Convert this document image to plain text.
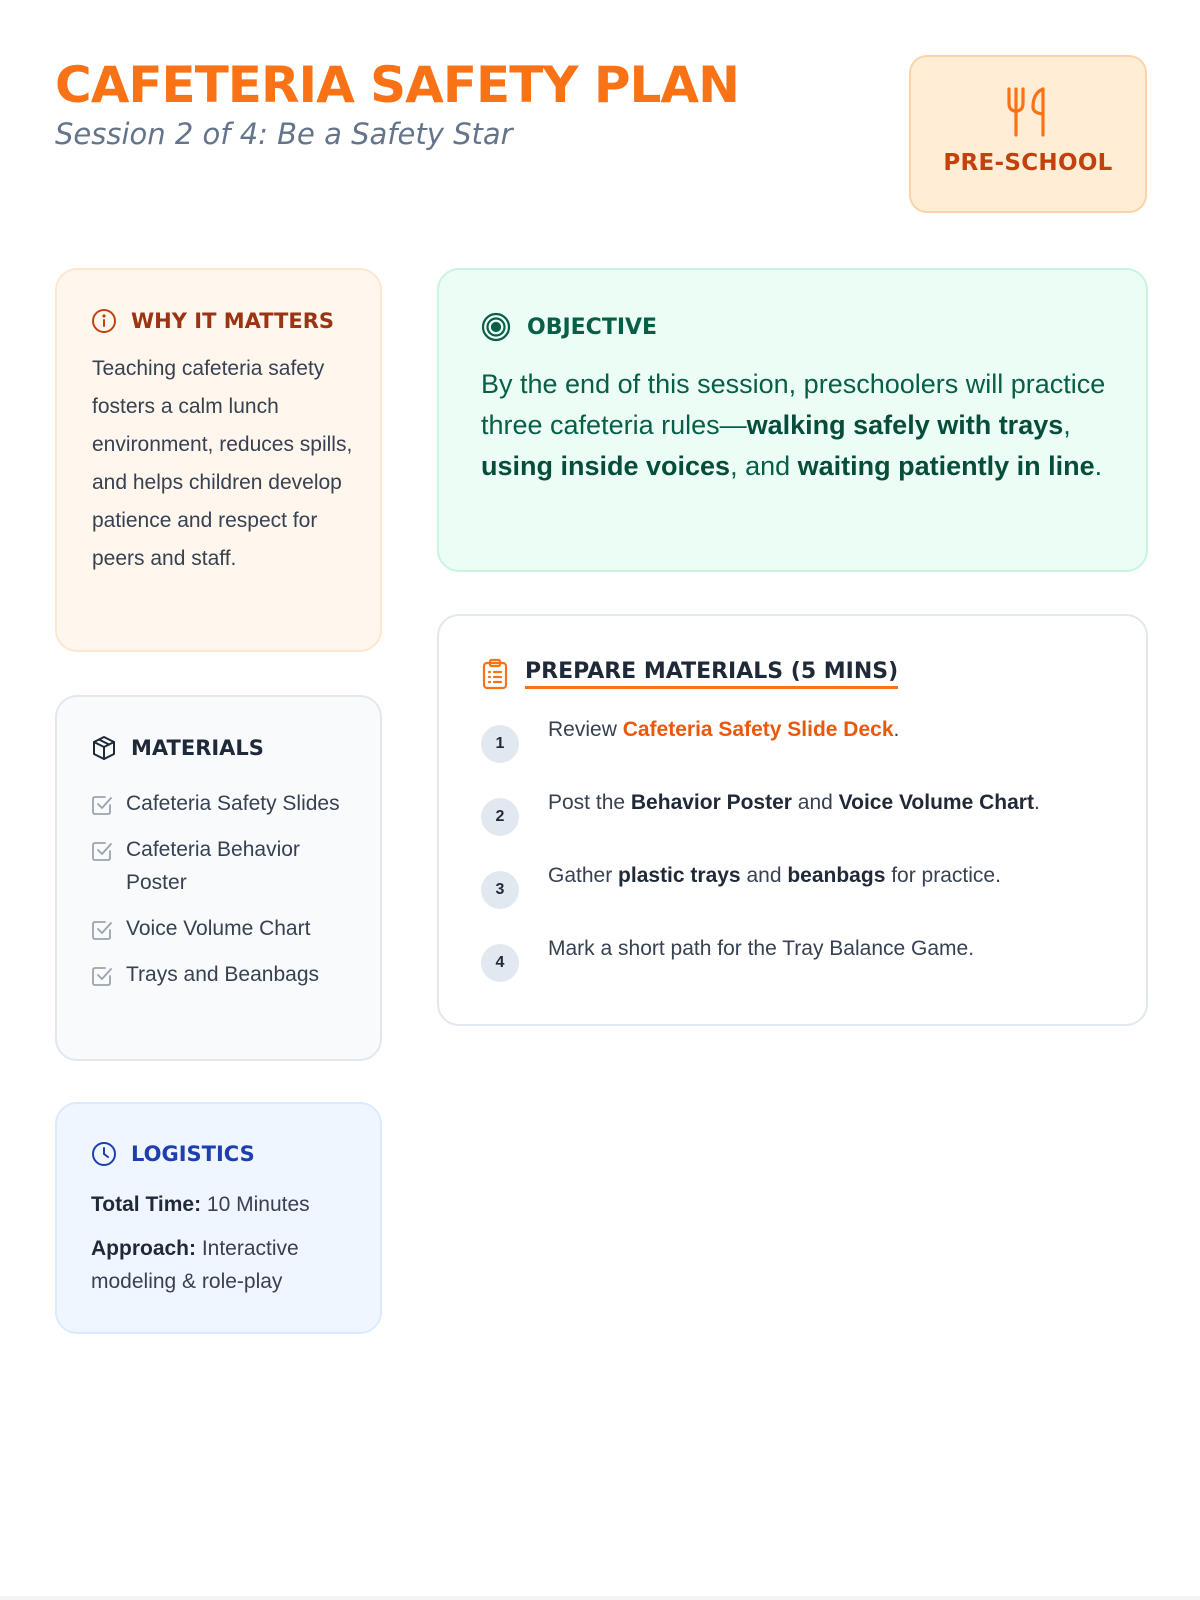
CAFETERIA SAFETY PLAN
Session 2 of 4: Be a Safety Star
PRE-SCHOOL
WHY IT MATTERS

Teaching cafeteria safety fosters a calm lunch environment, reduces spills, and helps children develop patience and respect for peers and staff.

MATERIALS
Cafeteria Safety Slides
Cafeteria Behavior Poster
Voice Volume Chart
Trays and Beanbags
LOGISTICS
Total Time: 10 Minutes
Approach: Interactive modeling & role-play
OBJECTIVE

By the end of this session, preschoolers will practice three cafeteria rules—walking safely with trays, using inside voices, and waiting patiently in line.

PREPARE MATERIALS (5 MINS)
1
Review Cafeteria Safety Slide Deck.
2
Post the Behavior Poster and Voice Volume Chart.
3
Gather plastic trays and beanbags for practice.
4
Mark a short path for the Tray Balance Game.
